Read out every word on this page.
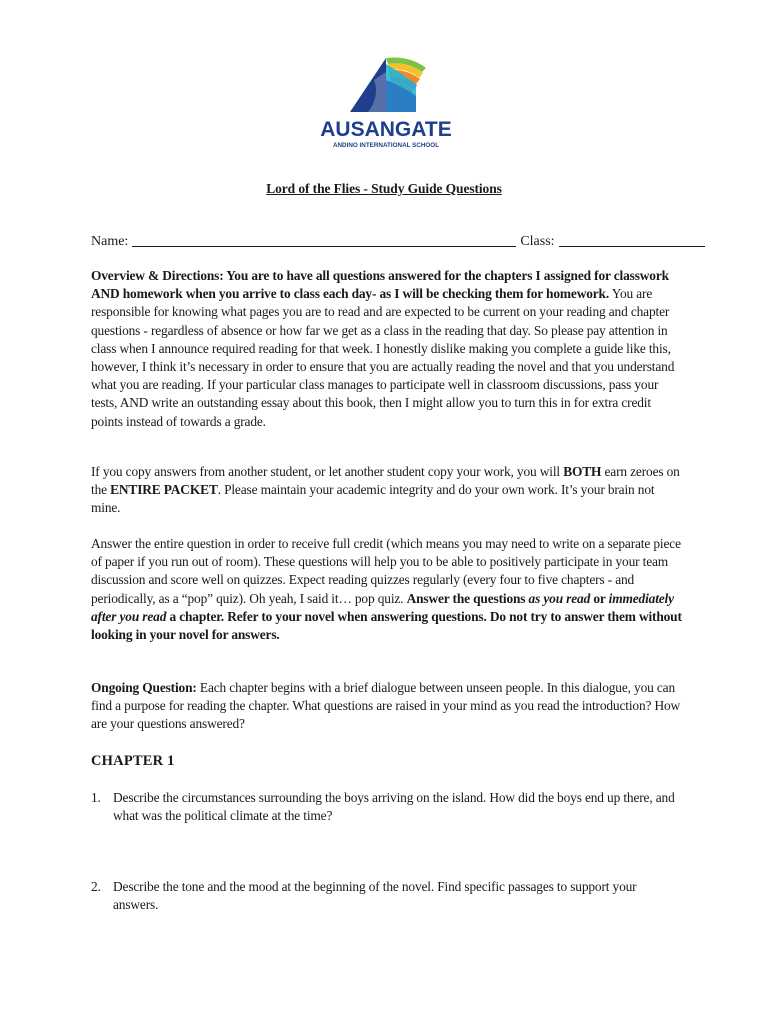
AUSANGATE
ANDINO INTERNATIONAL SCHOOL
Lord of the Flies - Study Guide Questions
Name:	Class:
Overview & Directions: You are to have all questions answered for the chapters I assigned for classwork AND homework when you arrive to class each day- as I will be checking them for homework. You are responsible for knowing what pages you are to read and are expected to be current on your reading and chapter questions - regardless of absence or how far we get as a class in the reading that day. So please pay attention in class when I announce required reading for that week. I honestly dislike making you complete a guide like this, however, I think it’s necessary in order to ensure that you are actually reading the novel and that you understand what you are reading. If your particular class manages to participate well in classroom discussions, pass your tests, AND write an outstanding essay about this book, then I might allow you to turn this in for extra credit points instead of towards a grade.
If you copy answers from another student, or let another student copy your work, you will BOTH earn zeroes on the ENTIRE PACKET. Please maintain your academic integrity and do your own work. It’s your brain not mine.
Answer the entire question in order to receive full credit (which means you may need to write on a separate piece of paper if you run out of room). These questions will help you to be able to positively participate in your team discussion and score well on quizzes. Expect reading quizzes regularly (every four to five chapters - and periodically, as a “pop” quiz). Oh yeah, I said it… pop quiz. Answer the questions as you read or immediately after you read a chapter. Refer to your novel when answering questions. Do not try to answer them without looking in your novel for answers.
Ongoing Question: Each chapter begins with a brief dialogue between unseen people. In this dialogue, you can find a purpose for reading the chapter. What questions are raised in your mind as you read the introduction? How are your questions answered?
CHAPTER 1
1. Describe the circumstances surrounding the boys arriving on the island. How did the boys end up there, and what was the political climate at the time?
2. Describe the tone and the mood at the beginning of the novel. Find specific passages to support your answers.
